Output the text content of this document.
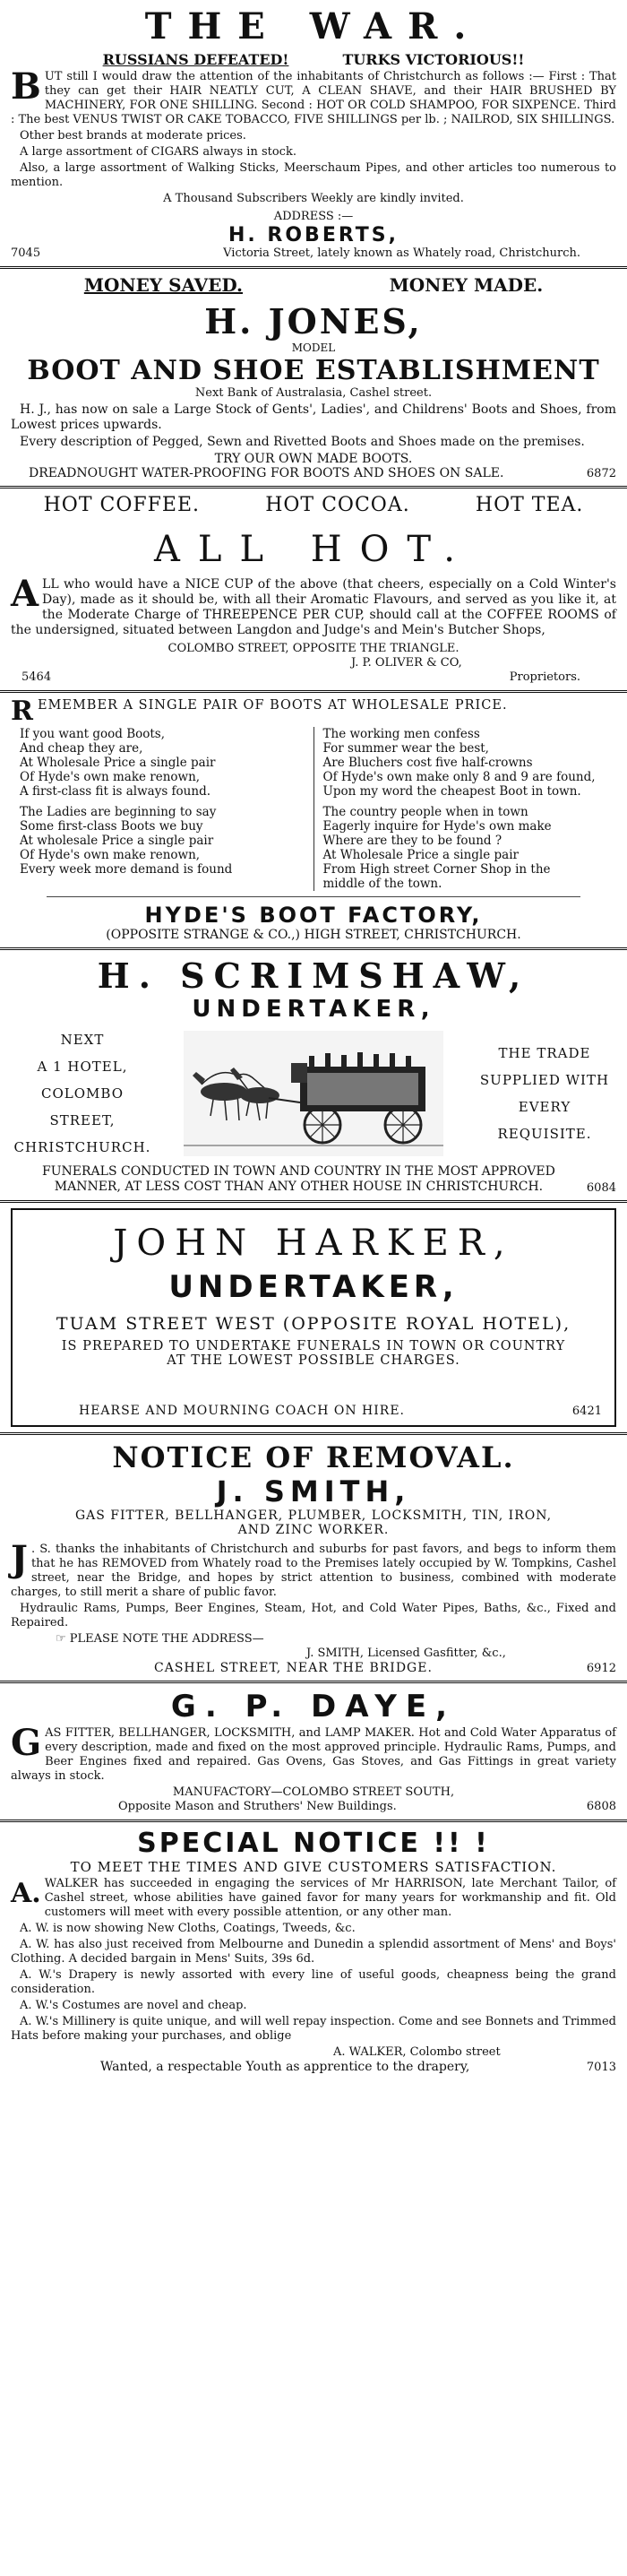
THE WAR.
RUSSIANS DEFEATED!	TURKS VICTORIOUS!!

BUT still I would draw the attention of the inhabitants of Christchurch as follows :— First : That they can get their HAIR NEATLY CUT, A CLEAN SHAVE, and their HAIR BRUSHED BY MACHINERY, FOR ONE SHILLING. Second : HOT OR COLD SHAMPOO, FOR SIXPENCE. Third : The best VENUS TWIST OR CAKE TOBACCO, FIVE SHILLINGS per lb. ; NAILROD, SIX SHILLINGS.

Other best brands at moderate prices.

A large assortment of CIGARS always in stock.

Also, a large assortment of Walking Sticks, Meerschaum Pipes, and other articles too numerous to mention.

A Thousand Subscribers Weekly are kindly invited.

ADDRESS :—
H. ROBERTS,
7045	Victoria Street, lately known as Whately road, Christchurch.
MONEY SAVED.	MONEY MADE.
H. JONES,
MODEL
BOOT AND SHOE ESTABLISHMENT
Next Bank of Australasia, Cashel street.

H. J., has now on sale a Large Stock of Gents', Ladies', and Childrens' Boots and Shoes, from Lowest prices upwards.

Every description of Pegged, Sewn and Rivetted Boots and Shoes made on the premises.

TRY OUR OWN MADE BOOTS.
DREADNOUGHT WATER-PROOFING FOR BOOTS AND SHOES ON SALE.	6872
HOT COFFEE.	HOT COCOA.	HOT TEA.
ALL HOT.

ALL who would have a NICE CUP of the above (that cheers, especially on a Cold Winter's Day), made as it should be, with all their Aromatic Flavours, and served as you like it, at the Moderate Charge of THREEPENCE PER CUP, should call at the COFFEE ROOMS of the undersigned, situated between Langdon and Judge's and Mein's Butcher Shops,

COLOMBO STREET, OPPOSITE THE TRIANGLE.
J. P. OLIVER & CO,
5464	Proprietors.
REMEMBER A SINGLE PAIR OF BOOTS AT WHOLESALE PRICE.
If you want good Boots,
And cheap they are,
At Wholesale Price a single pair
Of Hyde's own make renown,
A first-class fit is always found.
The Ladies are beginning to say
Some first-class Boots we buy
At wholesale Price a single pair
Of Hyde's own make renown,
Every week more demand is found
The working men confess
For summer wear the best,
Are Bluchers cost five half-crowns
Of Hyde's own make only 8 and 9 are found,
Upon my word the cheapest Boot in town.
The country people when in town
Eagerly inquire for Hyde's own make
Where are they to be found ?
At Wholesale Price a single pair
From High street Corner Shop in the
middle of the town.
HYDE'S BOOT FACTORY,
(OPPOSITE STRANGE & CO.,) HIGH STREET, CHRISTCHURCH.
H. SCRIMSHAW,
UNDERTAKER,
NEXT
A 1 HOTEL,
COLOMBO STREET,
CHRISTCHURCH.
THE TRADE
SUPPLIED WITH
EVERY
REQUISITE.

FUNERALS CONDUCTED IN TOWN AND COUNTRY IN THE MOST APPROVED MANNER, AT LESS COST THAN ANY OTHER HOUSE IN CHRISTCHURCH.	6084
JOHN HARKER,
UNDERTAKER,
TUAM STREET WEST (OPPOSITE ROYAL HOTEL),
IS PREPARED TO UNDERTAKE FUNERALS IN TOWN OR COUNTRY
AT THE LOWEST POSSIBLE CHARGES.
HEARSE AND MOURNING COACH ON HIRE.	6421
NOTICE OF REMOVAL.
J. SMITH,
GAS FITTER, BELLHANGER, PLUMBER, LOCKSMITH, TIN, IRON,
AND ZINC WORKER.

J . S. thanks the inhabitants of Christchurch and suburbs for past favors, and begs to inform them that he has REMOVED from Whately road to the Premises lately occupied by W. Tompkins, Cashel street, near the Bridge, and hopes by strict attention to business, combined with moderate charges, to still merit a share of public favor.

Hydraulic Rams, Pumps, Beer Engines, Steam, Hot, and Cold Water Pipes, Baths, &c., Fixed and Repaired.

☞ PLEASE NOTE THE ADDRESS—
J. SMITH, Licensed Gasfitter, &c.,
CASHEL STREET, NEAR THE BRIDGE.	6912
G. P. DAYE,

GAS FITTER, BELLHANGER, LOCKSMITH, and LAMP MAKER. Hot and Cold Water Apparatus of every description, made and fixed on the most approved principle. Hydraulic Rams, Pumps, and Beer Engines fixed and repaired. Gas Ovens, Gas Stoves, and Gas Fittings in great variety always in stock.

MANUFACTORY—COLOMBO STREET SOUTH,
Opposite Mason and Struthers' New Buildings.	6808
SPECIAL NOTICE !! !
TO MEET THE TIMES AND GIVE CUSTOMERS SATISFACTION.

A. WALKER has succeeded in engaging the services of Mr HARRISON, late Merchant Tailor, of Cashel street, whose abilities have gained favor for many years for workmanship and fit. Old customers will meet with every possible attention, or any other man.

A. W. is now showing New Cloths, Coatings, Tweeds, &c.

A. W. has also just received from Melbourne and Dunedin a splendid assortment of Mens' and Boys' Clothing. A decided bargain in Mens' Suits, 39s 6d.

A. W.'s Drapery is newly assorted with every line of useful goods, cheapness being the grand consideration.

A. W.'s Costumes are novel and cheap.

A. W.'s Millinery is quite unique, and will well repay inspection. Come and see Bonnets and Trimmed Hats before making your purchases, and oblige

A. WALKER, Colombo street
Wanted, a respectable Youth as apprentice to the drapery,	7013
